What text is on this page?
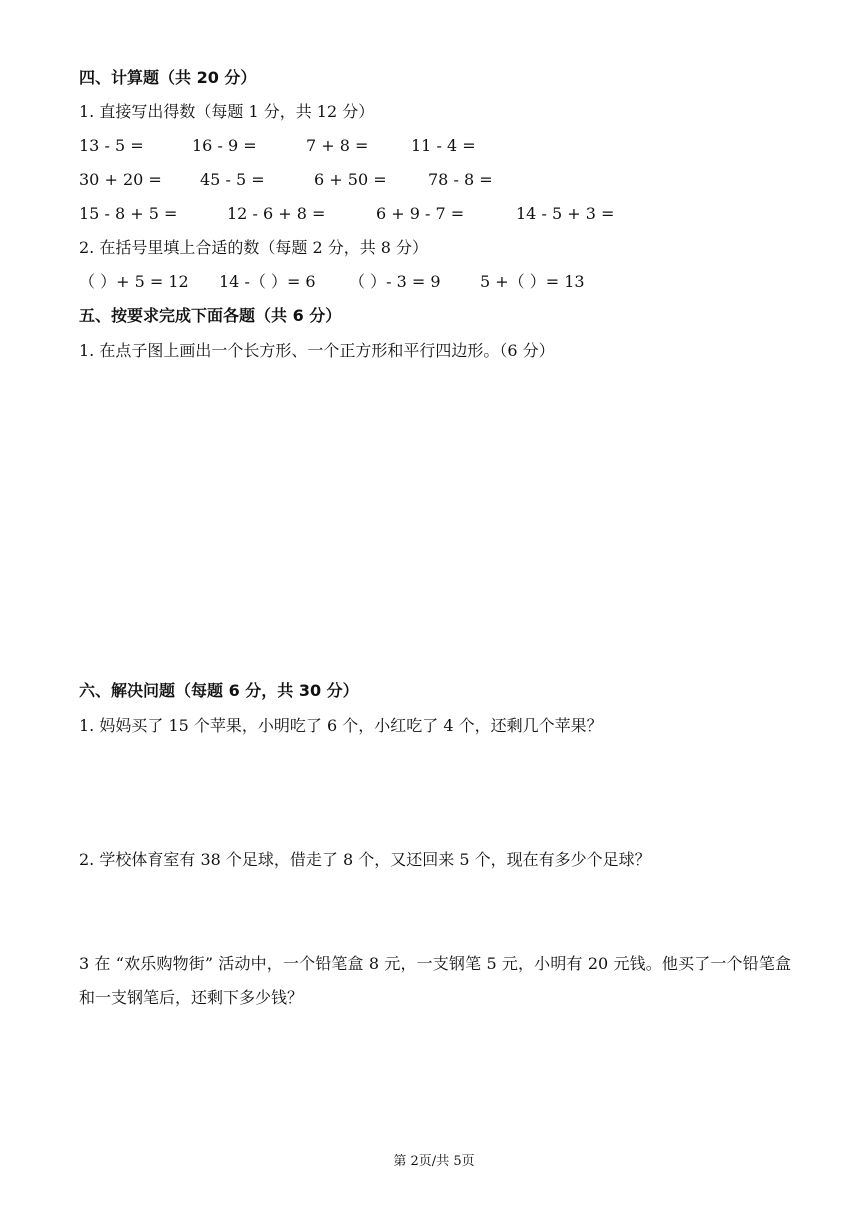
四、计算题（共 20 分）
1. 直接写出得数（每题 1 分，共 12 分）
13 - 5 =	16 - 9 =	7 + 8 =	11 - 4 =
30 + 20 = 45 - 5 =	6 + 50 =	78 - 8 =
15 - 8 + 5 =	12 - 6 + 8 =	6 + 9 - 7 =	14 - 5 + 3 =
2. 在括号里填上合适的数（每题 2 分，共 8 分）
（ ）+ 5 = 12 14 -（ ）= 6 （ ）- 3 = 9 5 +（ ）= 13
五、按要求完成下面各题（共 6 分）
1. 在点子图上画出一个长方形、一个正方形和平行四边形。（6 分）
六、解决问题（每题 6 分，共 30 分）
1. 妈妈买了 15 个苹果，小明吃了 6 个，小红吃了 4 个，还剩几个苹果？
2. 学校体育室有 38 个足球，借走了 8 个，又还回来 5 个，现在有多少个足球？
3 在 “欢乐购物街” 活动中，一个铅笔盒 8 元，一支钢笔 5 元，小明有 20 元钱。他买了一个铅笔盒和一支钢笔后，还剩下多少钱？
第 2页/共 5页
